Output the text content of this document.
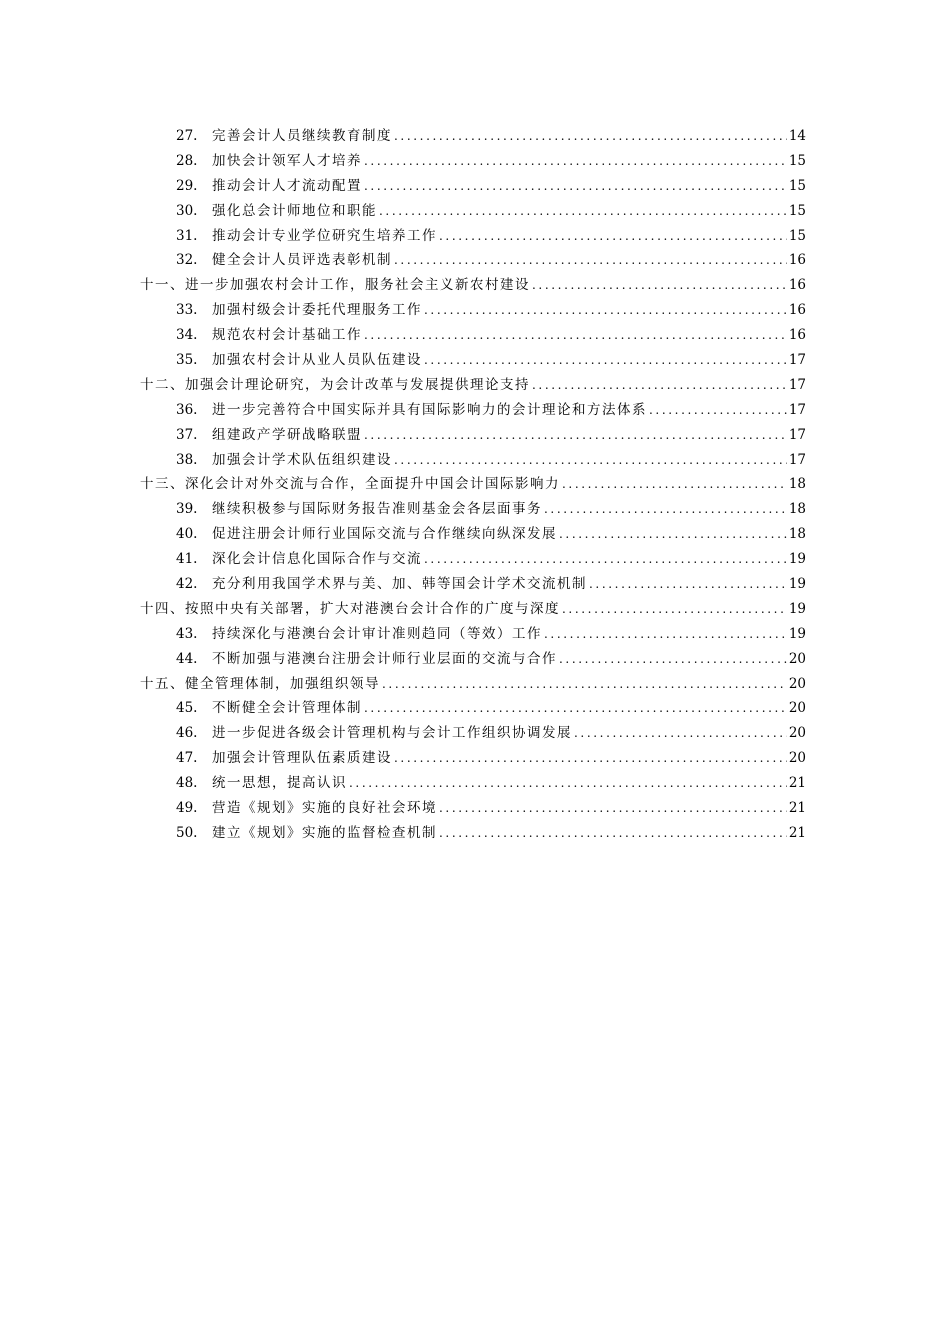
27.	完善会计人员继续教育制度 .....	14
28.	加快会计领军人才培养 .....	15
29.	推动会计人才流动配置 .....	15
30.	强化总会计师地位和职能 .....	15
31.	推动会计专业学位研究生培养工作 .....	15
32.	健全会计人员评选表彰机制 .....	16
十一、进一步加强农村会计工作，服务社会主义新农村建设 .....	16
33.	加强村级会计委托代理服务工作 .....	16
34.	规范农村会计基础工作 .....	16
35.	加强农村会计从业人员队伍建设 .....	17
十二、加强会计理论研究，为会计改革与发展提供理论支持 .....	17
36.	进一步完善符合中国实际并具有国际影响力的会计理论和方法体系 .....	17
37.	组建政产学研战略联盟 .....	17
38.	加强会计学术队伍组织建设 .....	17
十三、深化会计对外交流与合作，全面提升中国会计国际影响力 .....	18
39.	继续积极参与国际财务报告准则基金会各层面事务 .....	18
40.	促进注册会计师行业国际交流与合作继续向纵深发展 .....	18
41.	深化会计信息化国际合作与交流 .....	19
42.	充分利用我国学术界与美、加、韩等国会计学术交流机制 .....	19
十四、按照中央有关部署，扩大对港澳台会计合作的广度与深度 .....	19
43.	持续深化与港澳台会计审计准则趋同（等效）工作 .....	19
44.	不断加强与港澳台注册会计师行业层面的交流与合作 .....	20
十五、健全管理体制，加强组织领导 .....	20
45.	不断健全会计管理体制 .....	20
46.	进一步促进各级会计管理机构与会计工作组织协调发展 .....	20
47.	加强会计管理队伍素质建设 .....	20
48.	统一思想，提高认识 .....	21
49.	营造《规划》实施的良好社会环境 .....	21
50.	建立《规划》实施的监督检查机制 .....	21
